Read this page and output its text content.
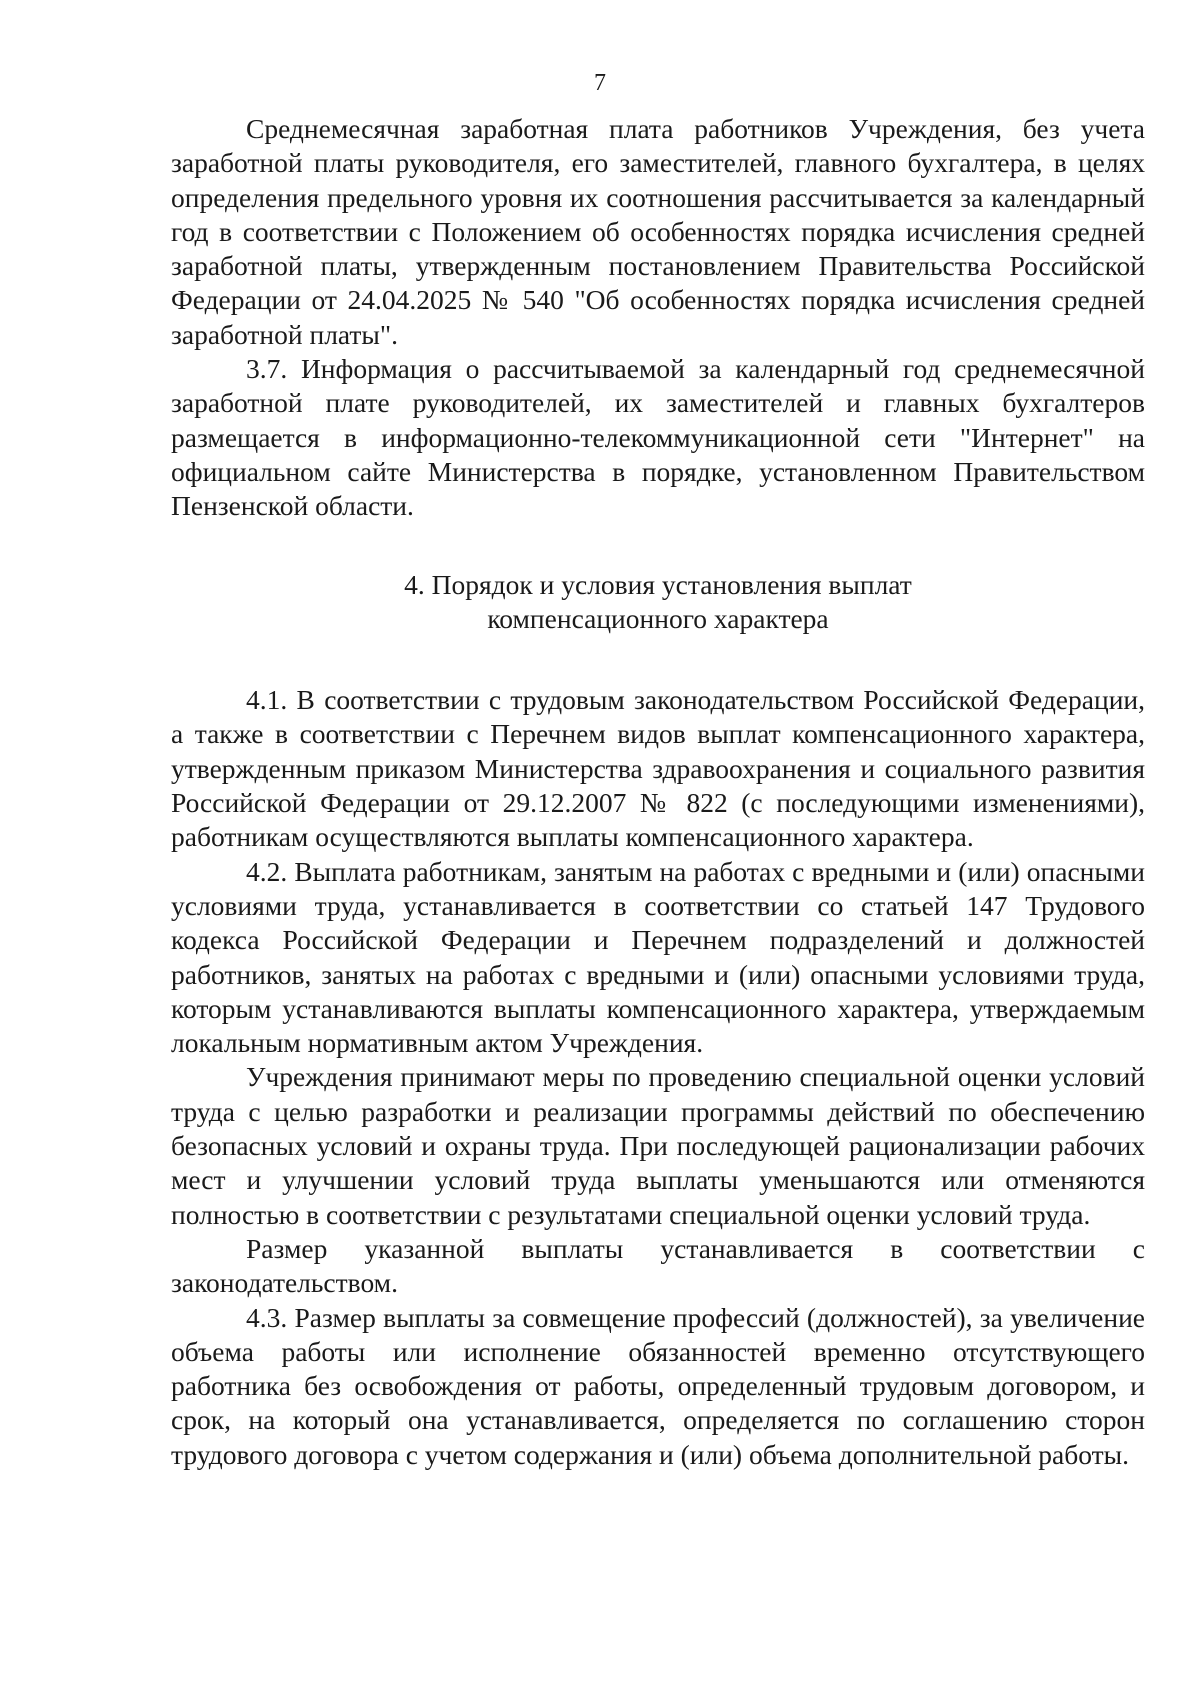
7

Среднемесячная заработная плата работников Учреждения, без учета заработной платы руководителя, его заместителей, главного бухгалтера, в целях определения предельного уровня их соотношения рассчитывается за календарный год в соответствии с Положением об особенностях порядка исчисления средней заработной платы, утвержденным постановлением Правительства Российской Федерации от 24.04.2025 № 540 "Об особенностях порядка исчисления средней заработной платы".

3.7. Информация о рассчитываемой за календарный год среднемесячной заработной плате руководителей, их заместителей и главных бухгалтеров размещается в информационно-телекоммуникационной сети "Интернет" на официальном сайте Министерства в порядке, установленном Правительством Пензенской области.

4. Порядок и условия установления выплат
компенсационного характера

4.1. В соответствии с трудовым законодательством Российской Федерации, а также в соответствии с Перечнем видов выплат компенсационного характера, утвержденным приказом Министерства здравоохранения и социального развития Российской Федерации от 29.12.2007 № 822 (с последующими изменениями), работникам осуществляются выплаты компенсационного характера.

4.2. Выплата работникам, занятым на работах с вредными и (или) опасными условиями труда, устанавливается в соответствии со статьей 147 Трудового кодекса Российской Федерации и Перечнем подразделений и должностей работников, занятых на работах с вредными и (или) опасными условиями труда, которым устанавливаются выплаты компенсационного характера, утверждаемым локальным нормативным актом Учреждения.

Учреждения принимают меры по проведению специальной оценки условий труда с целью разработки и реализации программы действий по обеспечению безопасных условий и охраны труда. При последующей рационализации рабочих мест и улучшении условий труда выплаты уменьшаются или отменяются полностью в соответствии с результатами специальной оценки условий труда.

Размер указанной выплаты устанавливается в соответствии с законодательством.

4.3. Размер выплаты за совмещение профессий (должностей), за увеличение объема работы или исполнение обязанностей временно отсутствующего работника без освобождения от работы, определенный трудовым договором, и срок, на который она устанавливается, определяется по соглашению сторон трудового договора с учетом содержания и (или) объема дополнительной работы.
